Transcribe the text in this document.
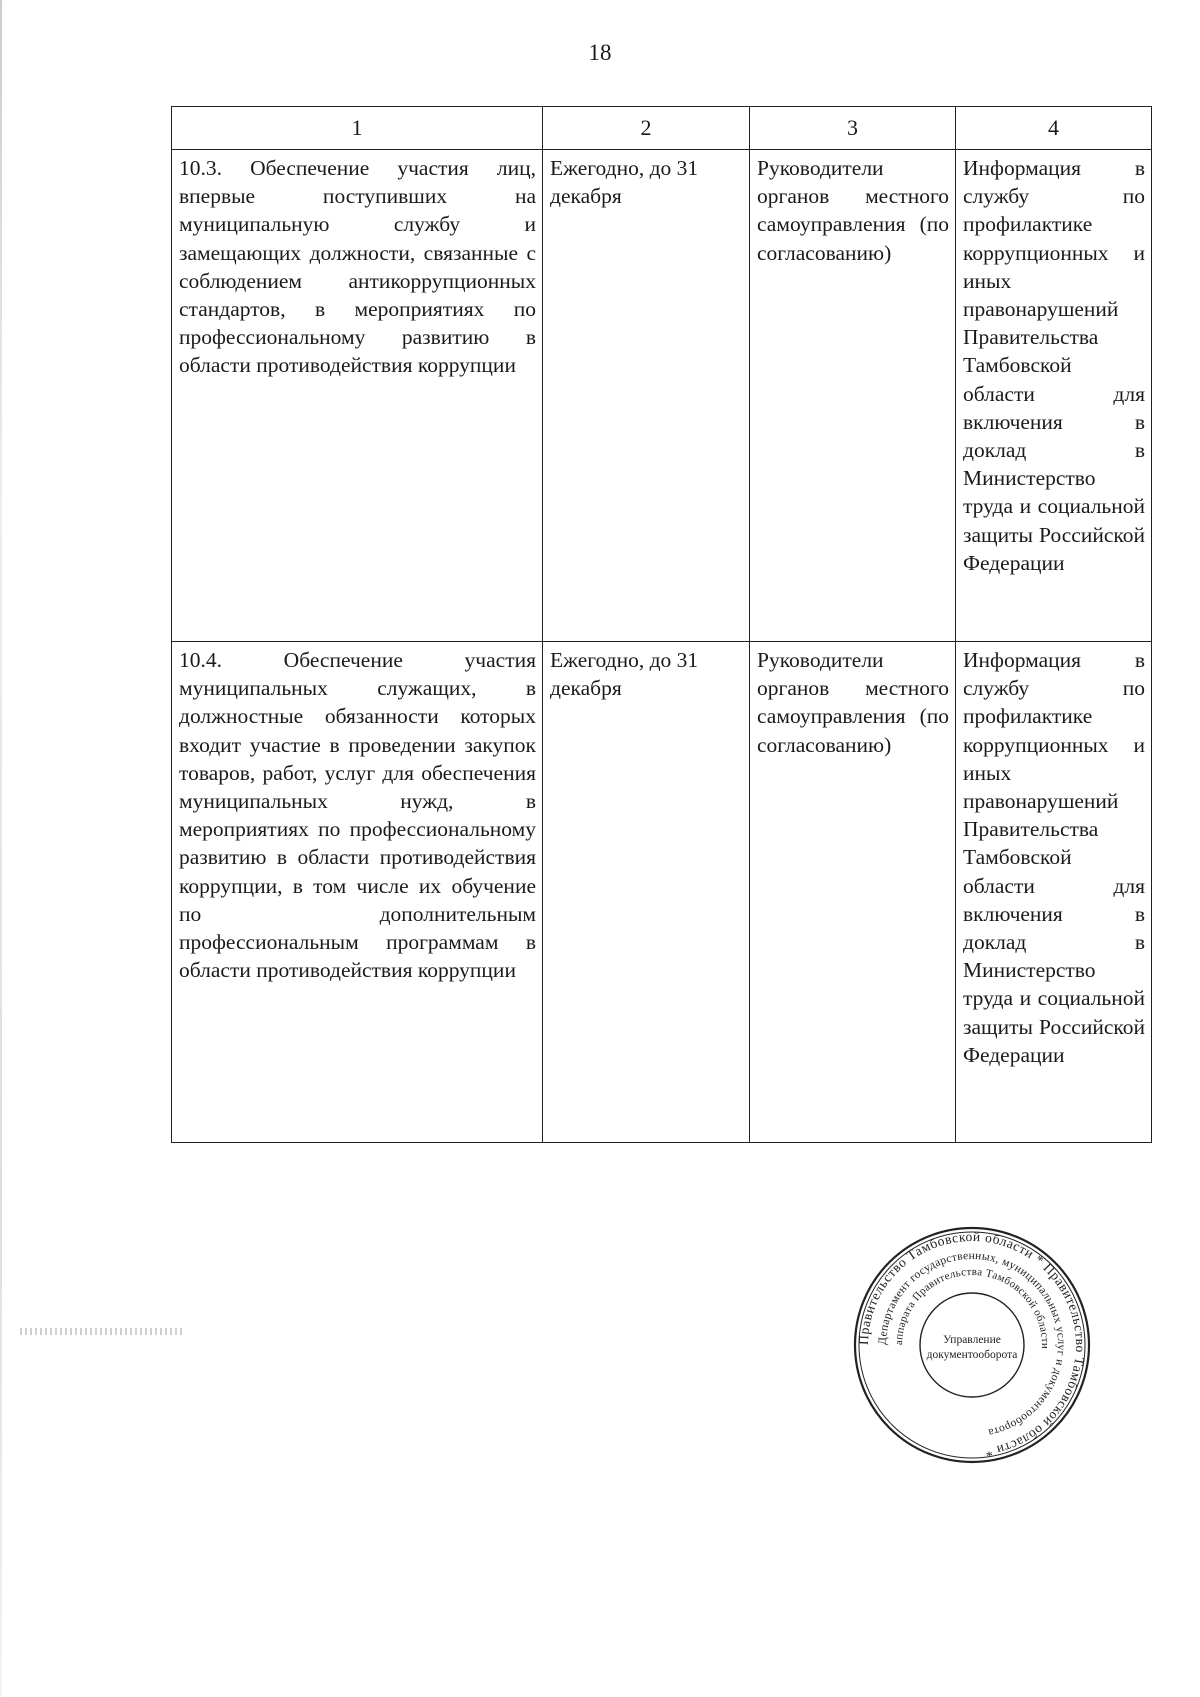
18
1	2	3	4

10.3. Обеспечение участия лиц, впервые поступивших на муниципальную службу и замещающих должности, связанные с соблюдением антикоррупционных стандартов, в мероприятиях по профессиональному развитию в области противодействия коррупции	Ежегодно, до 31 декабря	Руководители органов местного самоуправления (по согласованию)	Информация в службу по профилактике коррупционных и иных правонарушений Правительства Тамбовской области для включения в доклад в Министерство труда и социальной защиты Российской Федерации

10.4. Обеспечение участия муниципальных служащих, в должностные обязанности которых входит участие в проведении закупок товаров, работ, услуг для обеспечения муниципальных нужд, в мероприятиях по профессиональному развитию в области противодействия коррупции, в том числе их обучение по дополнительным профессиональным программам в области противодействия коррупции	Ежегодно, до 31 декабря	Руководители органов местного самоуправления (по согласованию)	Информация в службу по профилактике коррупционных и иных правонарушений Правительства Тамбовской области для включения в доклад в Министерство труда и социальной защиты Российской Федерации
Правительство Тамбовской области * Правительство Тамбовской области *
Департамент государственных, муниципальных услуг и документооборота
аппарата Правительства Тамбовской области
Управление
документооборота
